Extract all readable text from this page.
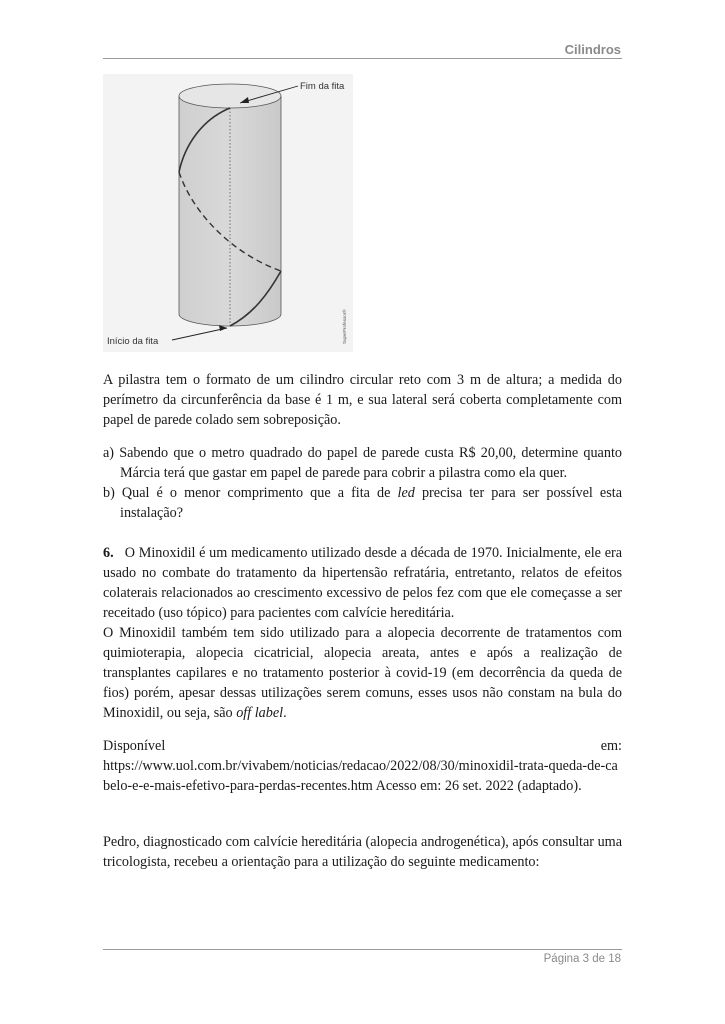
Cilindros
Fim da fita
Início da fita	SuperProfessor®

A pilastra tem o formato de um cilindro circular reto com 3 m de altura; a medida do perímetro da circunferência da base é 1 m, e sua lateral será coberta completamente com papel de parede colado sem sobreposição.

a) Sabendo que o metro quadrado do papel de parede custa R$ 20,00, determine quanto Márcia terá que gastar em papel de parede para cobrir a pilastra como ela quer.

b) Qual é o menor comprimento que a fita de led precisa ter para ser possível esta instalação?

6. O Minoxidil é um medicamento utilizado desde a década de 1970. Inicialmente, ele era usado no combate do tratamento da hipertensão refratária, entretanto, relatos de efeitos colaterais relacionados ao crescimento excessivo de pelos fez com que ele começasse a ser receitado (uso tópico) para pacientes com calvície hereditária.

O Minoxidil também tem sido utilizado para a alopecia decorrente de tratamentos com quimioterapia, alopecia cicatricial, alopecia areata, antes e após a realização de transplantes capilares e no tratamento posterior à covid-19 (em decorrência da queda de fios) porém, apesar dessas utilizações serem comuns, esses usos não constam na bula do Minoxidil, ou seja, são off label.

Disponível	em:

https://www.uol.com.br/vivabem/noticias/redacao/2022/08/30/minoxidil-trata-queda-de-cabelo-e-e-mais-efetivo-para-perdas-recentes.htm Acesso em: 26 set. 2022 (adaptado).

Pedro, diagnosticado com calvície hereditária (alopecia androgenética), após consultar uma tricologista, recebeu a orientação para a utilização do seguinte medicamento:

Página 3 de 18
